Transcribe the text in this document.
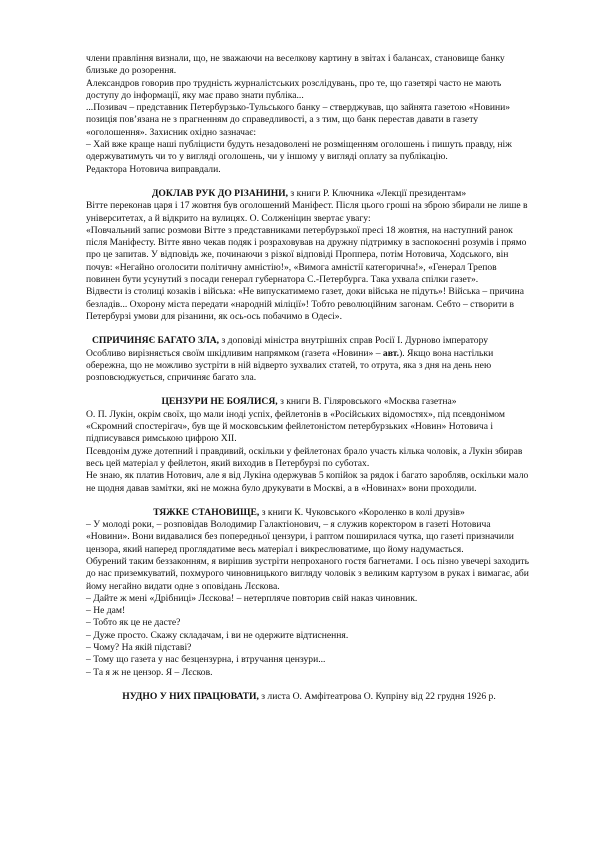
члени правління визнали, що, не зважаючи на веселкову картину в звітах і балансах, становище банку близьке до розорення.

Александров говорив про трудність журналістських розслідувань, про те, що газетярі часто не мають доступу до інформації, яку має право знати публіка...

...Позивач – представник Петербурзько-Тульського банку – стверджував, що зайнята газетою «Новини» позиція пов’язана не з прагненням до справедливості, а з тим, що банк перестав давати в газету «оголошення». Захисник охідно зазначає:

– Хай вже краще наші публіцисти будуть незадоволені не розміщенням оголошень і пишуть правду, ніж одержуватимуть чи то у вигляді оголошень, чи у іншому у вигляді оплату за публікацію.

Редактора Нотовича виправдали.

ДОКЛАВ РУК ДО РІЗАНИНИ, з книги Р. Ключника «Лекції президентам»

Вітте переконав царя і 17 жовтня був оголошений Маніфест. Після цього гроші на зброю збирали не лише в університетах, а й відкрито на вулицях. О. Солженіцин звертає увагу:

«Повчальний запис розмови Вітте з представниками петербурзької пресі 18 жовтня, на наступний ранок після Маніфесту. Вітте явно чекав подяк і розраховував на дружну підтримку в заспокоєнні розумів і прямо про це запитав. У відповідь же, починаючи з різкої відповіді Проппера, потім Нотовича, Ходського, він почув: «Негайно оголосити політичну амністію!», «Вимога амністії категорична!», «Генерал Трепов повинен бути усунутий з посади генерал губернатора С.-Петербурга. Така ухвала спілки газет».

Відвести із столиці козаків і війська: «Не випускатимемо газет, доки війська не підуть»! Війська – причина безладів... Охорону міста передати «народній міліції»! Тобто революційним загонам. Себто – створити в Петербурзі умови для різанини, як ось-ось побачимо в Одесі».

СПРИЧИНЯЄ БАГАТО ЗЛА, з доповіді міністра внутрішніх справ Росії І. Дурново імператору

Особливо вирізняється своїм шкідливим напрямком (газета «Новини» – авт.). Якщо вона настільки обережна, що не можливо зустріти в ній відверто зухвалих статей, то отрута, яка з дня на день нею розповсюджується, спричиняє багато зла.

ЦЕНЗУРИ НЕ БОЯЛИСЯ, з книги В. Гіляровського «Москва газетна»

О. П. Лукін, окрім своїх, що мали іноді успіх, фейлетонів в «Російських відомостях», під псевдонімом «Скромний спостерігач», був ще й московським фейлетоністом петербурзьких «Новин» Нотовича і підписувався римською цифрою XII.

Псевдонім дуже дотепний і правдивий, оскільки у фейлетонах брало участь кілька чоловік, а Лукін збирав весь цей матеріал у фейлетон, який виходив в Петербурзі по суботах.

Не знаю, як платив Нотович, але я від Лукіна одержував 5 копійок за рядок і багато заробляв, оскільки мало не щодня давав замітки, які не можна було друкувати в Москві, а в «Новинах» вони проходили.

ТЯЖКЕ СТАНОВИЩЕ, з книги К. Чуковського «Короленко в колі друзів»

– У молоді роки, – розповідав Володимир Галактіонович, – я служив коректором в газеті Нотовича «Новини». Вони видавалися без попередньої цензури, і раптом поширилася чутка, що газеті призначили цензора, який наперед проглядатиме весь матеріал і викреслюватиме, що йому надумається.

Обурений таким беззаконням, я вирішив зустріти непроханого гостя багнетами. І ось пізно увечері заходить до нас приземкуватий, похмурого чиновницького вигляду чоловік з великим картузом в руках і вимагає, аби йому негайно видати одне з оповідань Лєскова.

– Дайте ж мені «Дрібниці» Лєскова! – нетерпляче повторив свій наказ чиновник.

– Не дам!

– Тобто як це не дасте?

– Дуже просто. Скажу складачам, і ви не одержите відтиснення.

– Чому? На якій підставі?

– Тому що газета у нас безцензурна, і втручання цензури...

– Та я ж не цензор. Я – Лєсков.

НУДНО У НИХ ПРАЦЮВАТИ, з листа О. Амфітеатрова О. Купріну від 22 грудня 1926 р.
